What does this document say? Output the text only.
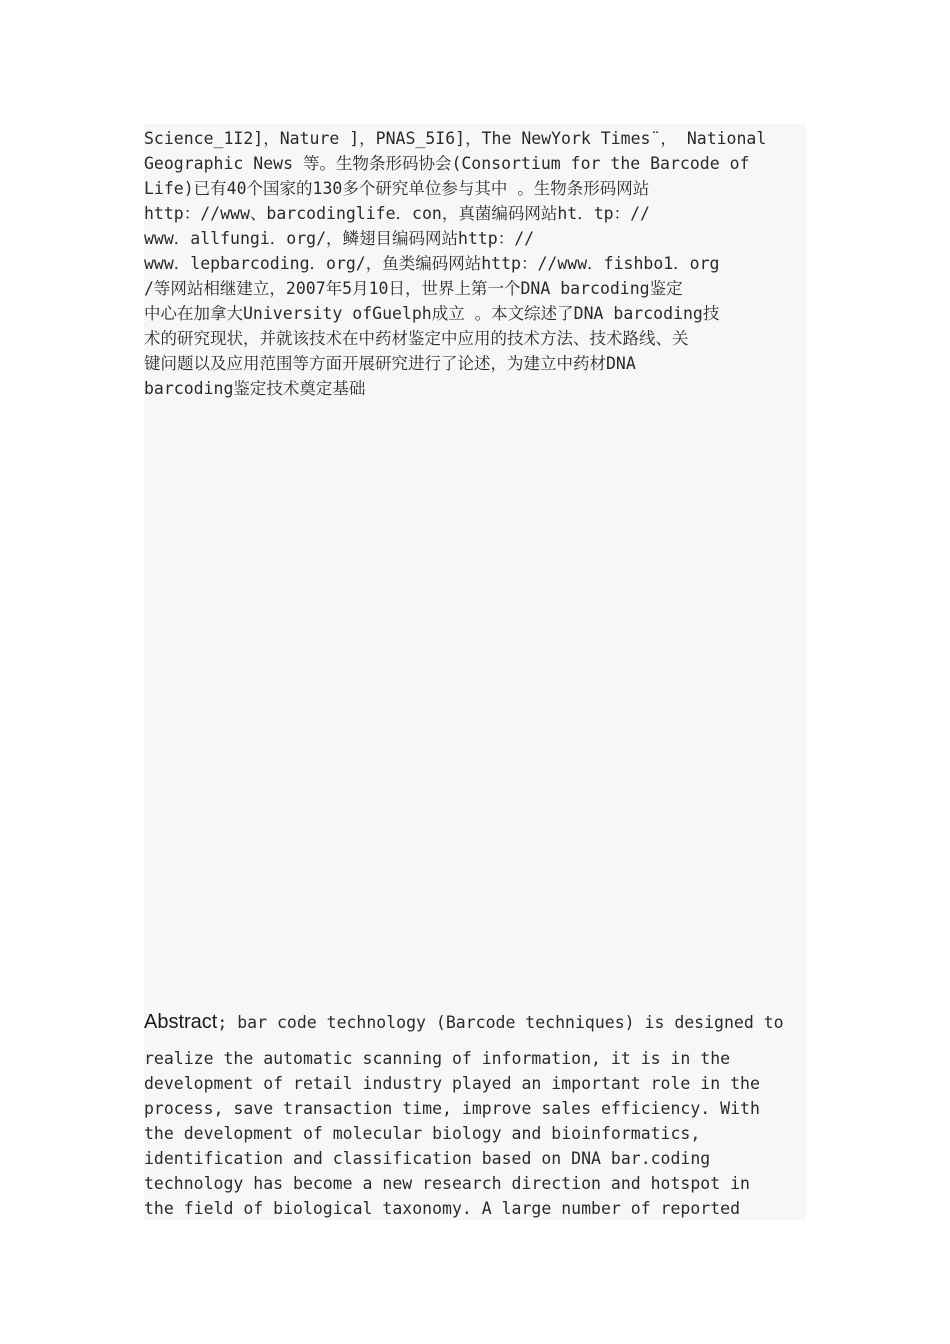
Science_1I2]，Nature ]，PNAS_5I6]，The NewYork Times¨， National
Geographic News 等。生物条形码协会(Consortium for the Barcode of
Life)已有40个国家的130多个研究单位参与其中 。生物条形码网站
http：//www、barcodinglife．con，真菌编码网站ht．tp：//
www．allfungi．org/，鳞翅目编码网站http：//
www．lepbarcoding．org/，鱼类编码网站http：//www．fishbo1．org
/等网站相继建立，2007年5月10日，世界上第一个DNA barcoding鉴定
中心在加拿大University ofGuelph成立 。本文综述了DNA barcoding技
术的研究现状，并就该技术在中药材鉴定中应用的技术方法、技术路线、关
键问题以及应用范围等方面开展研究进行了论述，为建立中药材DNA
barcoding鉴定技术奠定基础

Abstract; bar code technology (Barcode techniques) is designed to

realize the automatic scanning of information, it is in the
development of retail industry played an important role in the
process, save transaction time, improve sales efficiency. With
the development of molecular biology and bioinformatics,
identification and classification based on DNA bar.coding
technology has become a new research direction and hotspot in
the field of biological taxonomy. A large number of reported
